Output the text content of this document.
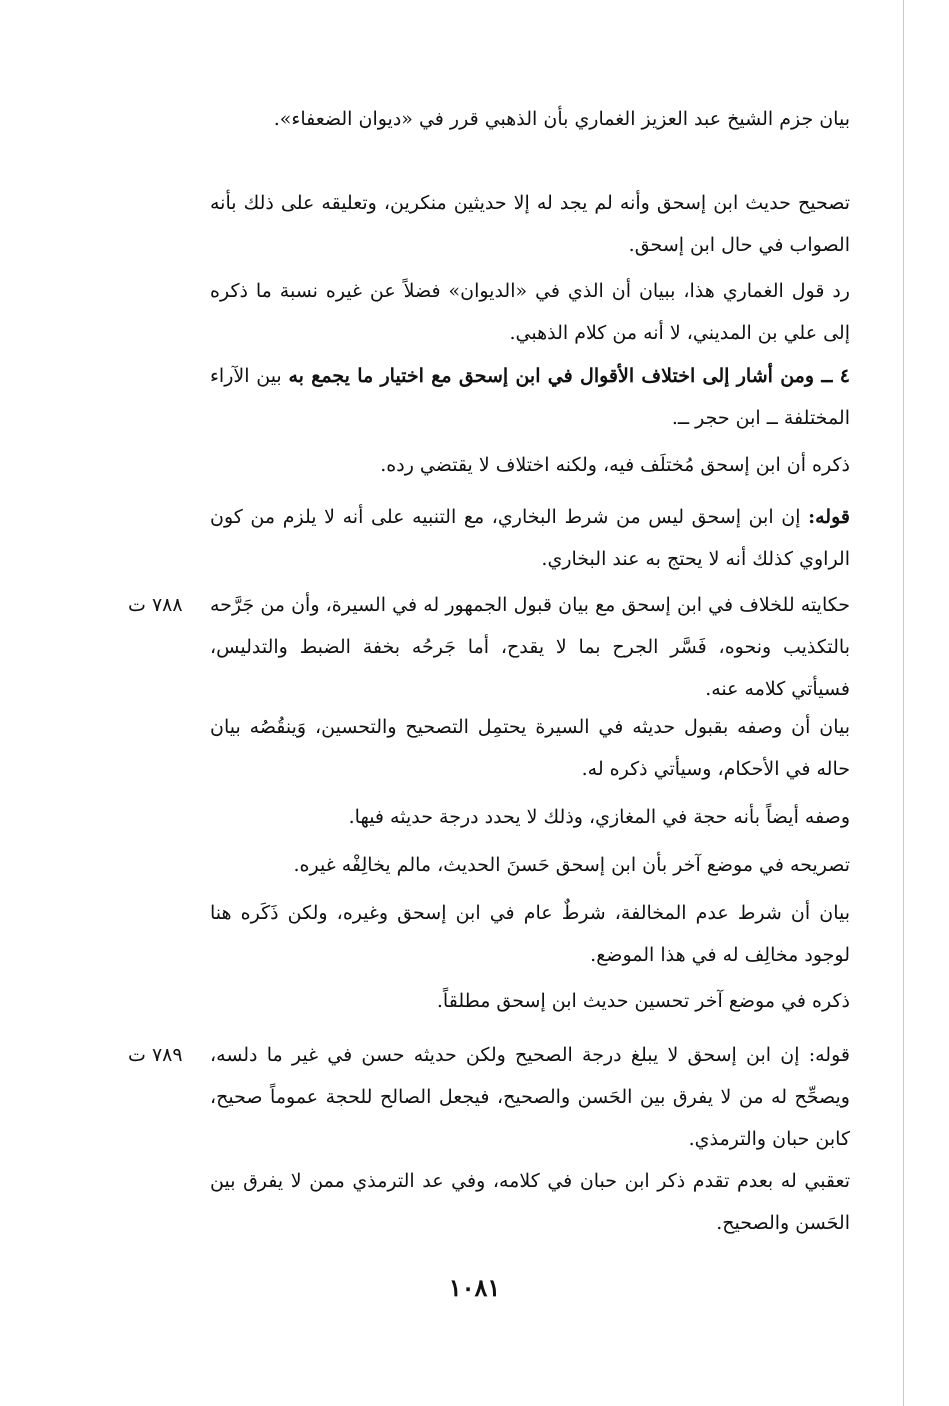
بيان جزم الشيخ عبد العزيز الغماري بأن الذهبي قرر في «ديوان الضعفاء».
تصحيح حديث ابن إسحق وأنه لم يجد له إلا حديثين منكرين، وتعليقه على ذلك بأنه الصواب في حال ابن إسحق.
رد قول الغماري هذا، ببيان أن الذي في «الديوان» فضلاً عن غيره نسبة ما ذكره إلى علي بن المديني، لا أنه من كلام الذهبي.
٤ ــ ومن أشار إلى اختلاف الأقوال في ابن إسحق مع اختيار ما يجمع به بين الآراء المختلفة ــ ابن حجر ــ.
ذكره أن ابن إسحق مُختلَف فيه، ولكنه اختلاف لا يقتضي رده.
قوله: إن ابن إسحق ليس من شرط البخاري، مع التنبيه على أنه لا يلزم من كون الراوي كذلك أنه لا يحتج به عند البخاري.
٧٨٨ ت	حكايته للخلاف في ابن إسحق مع بيان قبول الجمهور له في السيرة، وأن من جَرَّحه بالتكذيب ونحوه، فَسَّر الجرح بما لا يقدح، أما جَرحُه بخفة الضبط والتدليس، فسيأتي كلامه عنه.
بيان أن وصفه بقبول حديثه في السيرة يحتمِل التصحيح والتحسين، وَينقُصُه بيان حاله في الأحكام، وسيأتي ذكره له.
وصفه أيضاً بأنه حجة في المغازي، وذلك لا يحدد درجة حديثه فيها.
تصريحه في موضع آخر بأن ابن إسحق حَسنَ الحديث، مالم يخالِفْه غيره.
بيان أن شرط عدم المخالفة، شرطٌ عام في ابن إسحق وغيره، ولكن ذَكَره هنا لوجود مخالِف له في هذا الموضع.
ذكره في موضع آخر تحسين حديث ابن إسحق مطلقاً.
٧٨٩ ت	قوله: إن ابن إسحق لا يبلغ درجة الصحيح ولكن حديثه حسن في غير ما دلسه، ويصحِّح له من لا يفرق بين الحَسن والصحيح، فيجعل الصالح للحجة عموماً صحيح، كابن حبان والترمذي.
تعقبي له بعدم تقدم ذكر ابن حبان في كلامه، وفي عد الترمذي ممن لا يفرق بين الحَسن والصحيح.
١٠٨١
